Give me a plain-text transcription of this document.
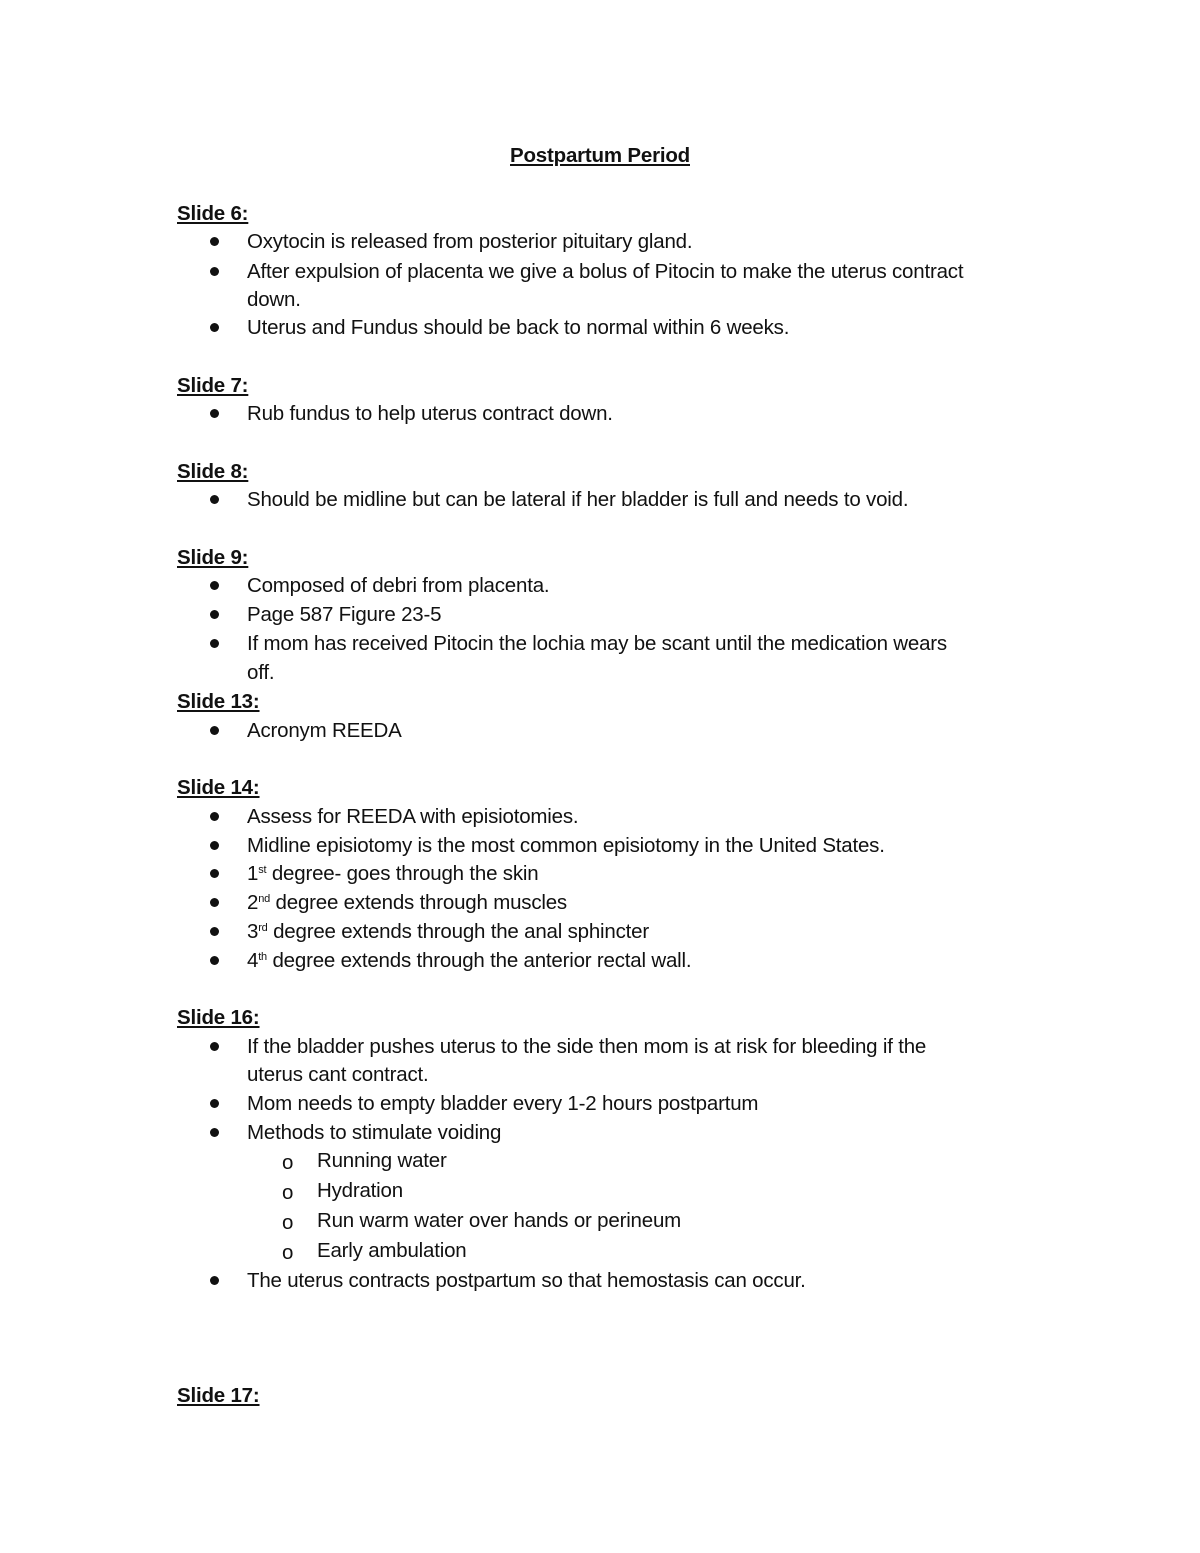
Postpartum Period
Slide 6:
Oxytocin is released from posterior pituitary gland.
After expulsion of placenta we give a bolus of Pitocin to make the uterus contract
down.
Uterus and Fundus should be back to normal within 6 weeks.
Slide 7:
Rub fundus to help uterus contract down.
Slide 8:
Should be midline but can be lateral if her bladder is full and needs to void.
Slide 9:
Composed of debri from placenta.
Page 587 Figure 23-5
If mom has received Pitocin the lochia may be scant until the medication wears
off.
Slide 13:
Acronym REEDA
Slide 14:
Assess for REEDA with episiotomies.
Midline episiotomy is the most common episiotomy in the United States.
1st degree- goes through the skin
2nd degree extends through muscles
3rd degree extends through the anal sphincter
4th degree extends through the anterior rectal wall.
Slide 16:
If the bladder pushes uterus to the side then mom is at risk for bleeding if the
uterus cant contract.
Mom needs to empty bladder every 1-2 hours postpartum
Methods to stimulate voiding
o Running water
o Hydration
o Run warm water over hands or perineum
o Early ambulation
The uterus contracts postpartum so that hemostasis can occur.
Slide 17:
